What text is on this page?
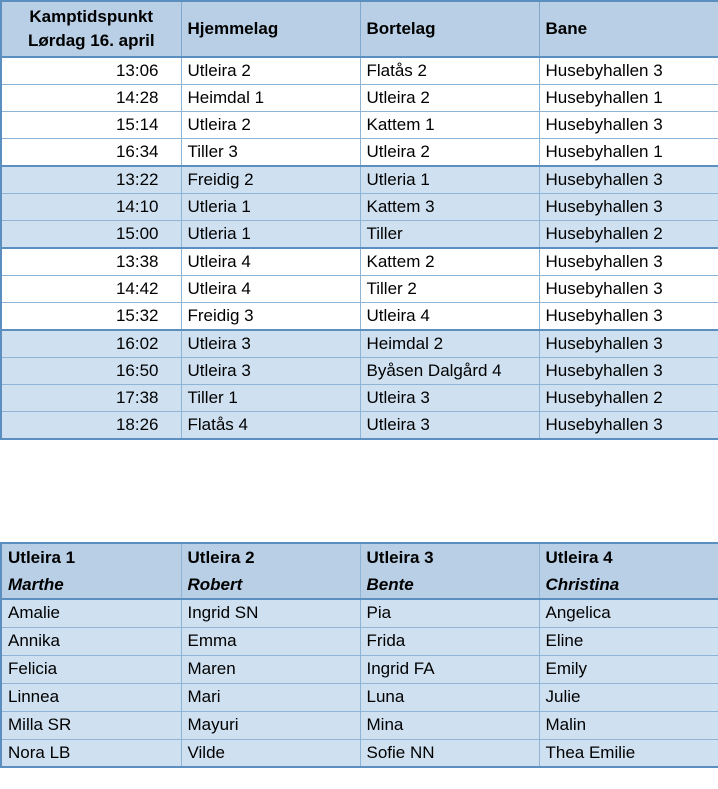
Kamptidspunkt
Lørdag 16. april	Hjemmelag	Bortelag	Bane
13:06	Utleira 2	Flatås 2	Husebyhallen 3
14:28	Heimdal 1	Utleira 2	Husebyhallen 1
15:14	Utleira 2	Kattem 1	Husebyhallen 3
16:34	Tiller 3	Utleira 2	Husebyhallen 1
13:22	Freidig 2	Utleria 1	Husebyhallen 3
14:10	Utleria 1	Kattem 3	Husebyhallen 3
15:00	Utleria 1	Tiller	Husebyhallen 2
13:38	Utleira 4	Kattem 2	Husebyhallen 3
14:42	Utleira 4	Tiller 2	Husebyhallen 3
15:32	Freidig 3	Utleira 4	Husebyhallen 3
16:02	Utleira 3	Heimdal 2	Husebyhallen 3
16:50	Utleira 3	Byåsen Dalgård 4	Husebyhallen 3
17:38	Tiller 1	Utleira 3	Husebyhallen 2
18:26	Flatås 4	Utleira 3	Husebyhallen 3
Utleira 1	Utleira 2	Utleira 3	Utleira 4
Marthe	Robert	Bente	Christina
Amalie	Ingrid SN	Pia	Angelica
Annika	Emma	Frida	Eline
Felicia	Maren	Ingrid FA	Emily
Linnea	Mari	Luna	Julie
Milla SR	Mayuri	Mina	Malin
Nora LB	Vilde	Sofie NN	Thea Emilie
